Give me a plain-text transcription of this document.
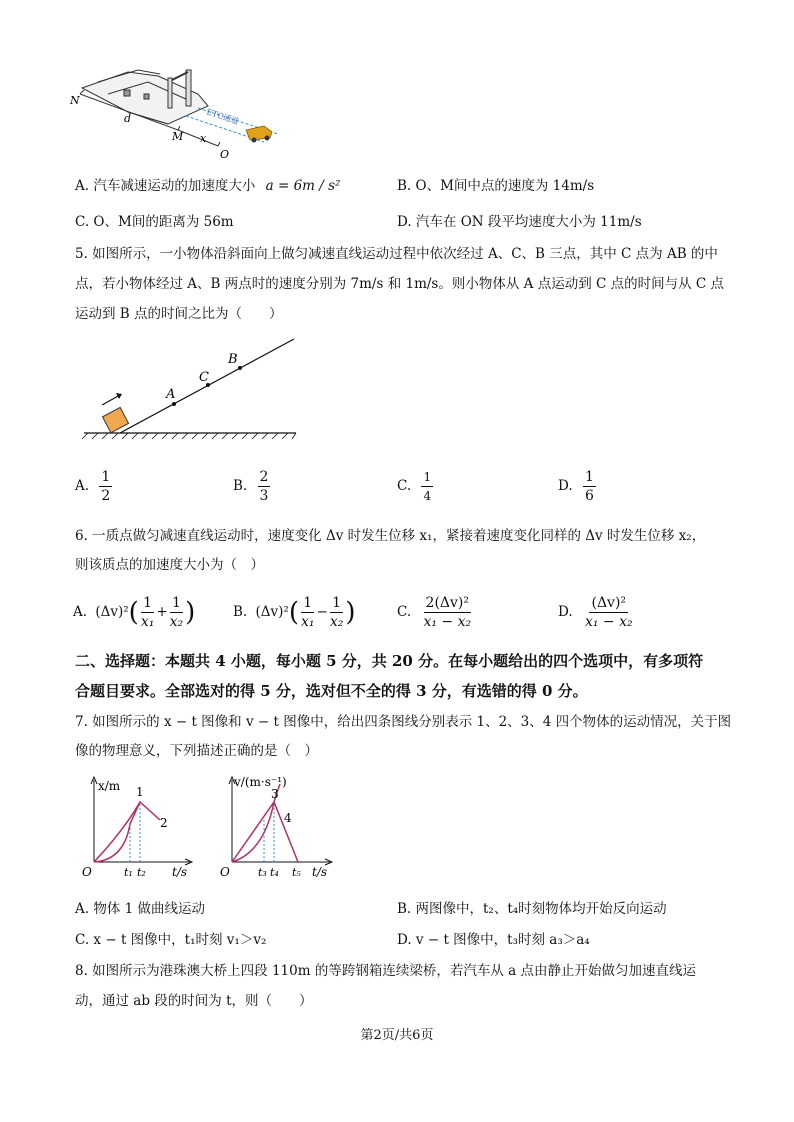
N
d
M x
O
ETC通道
A. 汽车减速运动的加速度大小 a = 6m / s²	B. O、M间中点的速度为 14m/s
C. O、M间的距离为 56m	D. 汽车在 ON 段平均速度大小为 11m/s
5. 如图所示，一小物体沿斜面向上做匀减速直线运动过程中依次经过 A、C、B 三点，其中 C 点为 AB 的中
点，若小物体经过 A、B 两点时的速度分别为 7m/s 和 1m/s。则小物体从 A 点运动到 C 点的时间与从 C 点
运动到 B 点的时间之比为（　　）
A
C
B
A. $\frac{1}{2}$	B. $\frac{2}{3}$	C. $\frac{1}{4}$	D. $\frac{1}{6}$
6. 一质点做匀减速直线运动时，速度变化 Δv 时发生位移 x₁，紧接着速度变化同样的 Δv 时发生位移 x₂，
则该质点的加速度大小为（　）
A. $(\Delta v)^2( \frac{1}{\text{x₁}} + \frac{1}{\text{x₂}}$ )	B. $(\Delta v)^2( \frac{1}{\text{x₁}} - \frac{1}{\text{x₂}}$ )	C. $\frac{\text{2(Δv)²}}{\text{x₁ − x₂}}$	D. $\frac{\text{(Δv)²}}{\text{x₁ − x₂}}$
二、选择题：本题共 4 小题，每小题 5 分，共 20 分。在每小题给出的四个选项中，有多项符
合题目要求。全部选对的得 5 分，选对但不全的得 3 分，有选错的得 0 分。
7. 如图所示的 x − t 图像和 v − t 图像中，给出四条图线分别表示 1、2、3、4 四个物体的运动情况，关于图
像的物理意义，下列描述正确的是（　）
x/m 1
2
O	t₁ t₂ t/s
v/(m·s⁻¹)
3
4
O	t₃ t₄ t₅ t/s
A. 物体 1 做曲线运动	B. 两图像中，t₂、t₄时刻物体均开始反向运动
C. x − t 图像中，t₁时刻 v₁＞v₂	D. v − t 图像中，t₃时刻 a₃＞a₄
8. 如图所示为港珠澳大桥上四段 110m 的等跨钢箱连续梁桥，若汽车从 a 点由静止开始做匀加速直线运
动，通过 ab 段的时间为 t，则（　　）
第2页/共6页
